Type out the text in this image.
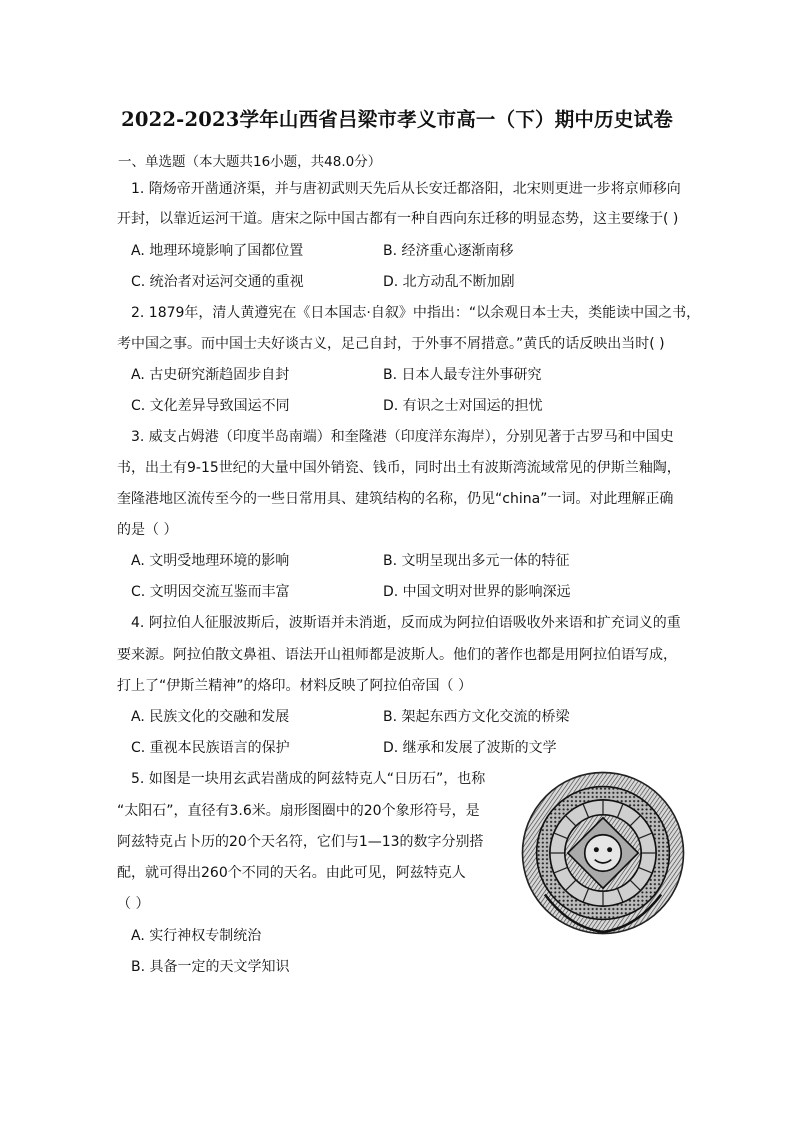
2022-2023学年山西省吕梁市孝义市高一（下）期中历史试卷
一、单选题（本大题共16小题，共48.0分）
1. 隋炀帝开凿通济渠，并与唐初武则天先后从长安迁都洛阳，北宋则更进一步将京师移向
开封，以靠近运河干道。唐宋之际中国古都有一种自西向东迁移的明显态势，这主要缘于( )
A. 地理环境影响了国都位置	B. 经济重心逐渐南移
C. 统治者对运河交通的重视	D. 北方动乱不断加剧
2. 1879年，清人黄遵宪在《日本国志·自叙》中指出：“以余观日本士夫，类能读中国之书，
考中国之事。而中国士夫好谈古义，足己自封，于外事不屑措意。”黄氏的话反映出当时( )
A. 古史研究渐趋固步自封	B. 日本人最专注外事研究
C. 文化差异导致国运不同	D. 有识之士对国运的担忧
3. 威支占姆港（印度半岛南端）和奎隆港（印度洋东海岸），分别见著于古罗马和中国史
书，出土有9-15世纪的大量中国外销瓷、钱币，同时出土有波斯湾流域常见的伊斯兰釉陶，
奎隆港地区流传至今的一些日常用具、建筑结构的名称，仍见“china”一词。对此理解正确
的是（ ）
A. 文明受地理环境的影响	B. 文明呈现出多元一体的特征
C. 文明因交流互鉴而丰富	D. 中国文明对世界的影响深远
4. 阿拉伯人征服波斯后，波斯语并未消逝，反而成为阿拉伯语吸收外来语和扩充词义的重
要来源。阿拉伯散文鼻祖、语法开山祖师都是波斯人。他们的著作也都是用阿拉伯语写成，
打上了“伊斯兰精神”的烙印。材料反映了阿拉伯帝国（ ）
A. 民族文化的交融和发展	B. 架起东西方文化交流的桥梁
C. 重视本民族语言的保护	D. 继承和发展了波斯的文学
5. 如图是一块用玄武岩凿成的阿兹特克人“日历石”，也称
“太阳石”，直径有3.6米。扇形图圈中的20个象形符号，是
阿兹特克占卜历的20个天名符，它们与1—13的数字分别搭
配，就可得出260个不同的天名。由此可见，阿兹特克人
（ ）
A. 实行神权专制统治
B. 具备一定的天文学知识
